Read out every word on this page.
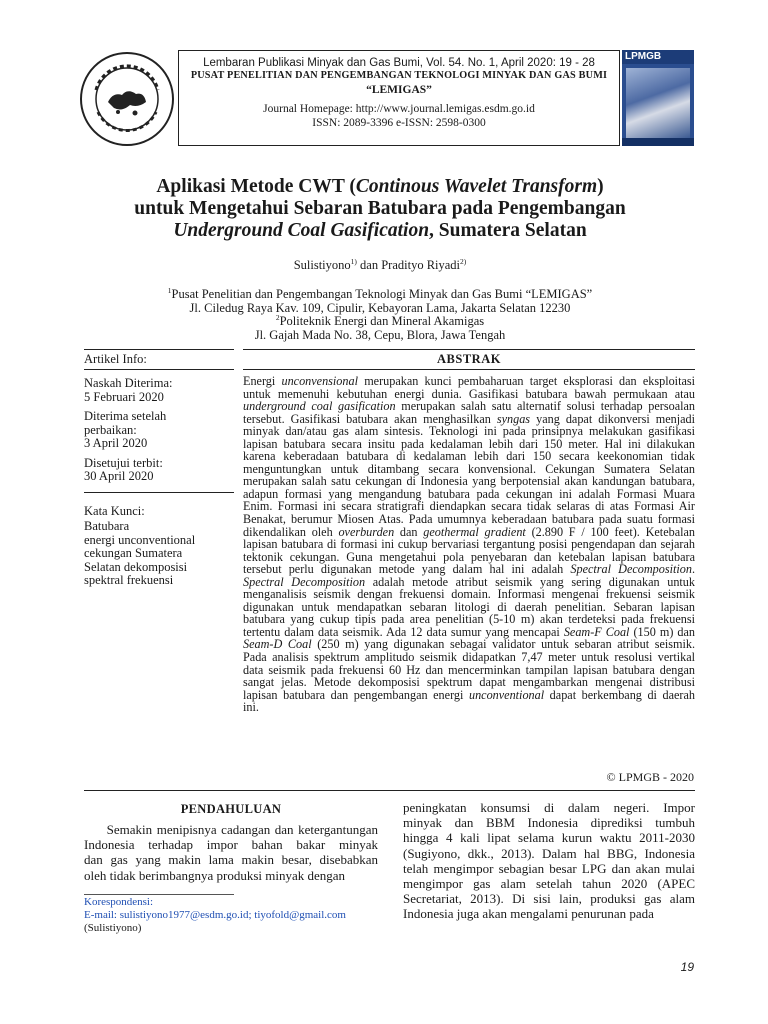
Lembaran Publikasi Minyak dan Gas Bumi, Vol. 54. No. 1, April 2020: 19 - 28
PUSAT PENELITIAN DAN PENGEMBANGAN TEKNOLOGI MINYAK DAN GAS BUMI
“LEMIGAS”
Journal Homepage: http://www.journal.lemigas.esdm.go.id
ISSN: 2089-3396 e-ISSN: 2598-0300
LPMGB
Aplikasi Metode CWT (Continous Wavelet Transform)
untuk Mengetahui Sebaran Batubara pada Pengembangan
Underground Coal Gasification, Sumatera Selatan
Sulistiyono$^{1)}$ dan Pradityo Riyadi$^{2)}$
$^1$Pusat Penelitian dan Pengembangan Teknologi Minyak dan Gas Bumi “LEMIGAS”
Jl. Ciledug Raya Kav. 109, Cipulir, Kebayoran Lama, Jakarta Selatan 12230
$^2$Politeknik Energi dan Mineral Akamigas
Jl. Gajah Mada No. 38, Cepu, Blora, Jawa Tengah
Artikel Info:
Naskah Diterima:
5 Februari 2020
Diterima setelah
perbaikan:
3 April 2020
Disetujui terbit:
30 April 2020
Kata Kunci:
Batubara
energi unconventional
cekungan Sumatera
Selatan dekomposisi
spektral frekuensi
ABSTRAK
Energi unconvensional merupakan kunci pembaharuan target eksplorasi dan eksploitasi
untuk memenuhi kebutuhan energi dunia. Gasifikasi batubara bawah permukaan atau
underground coal gasification merupakan salah satu alternatif solusi terhadap persoalan
tersebut. Gasifikasi batubara akan menghasilkan syngas yang dapat dikonversi menjadi
minyak dan/atau gas alam sintesis. Teknologi ini pada prinsipnya melakukan gasifikasi
lapisan batubara secara insitu pada kedalaman lebih dari 150 meter. Hal ini dilakukan
karena keberadaan batubara di kedalaman lebih dari 150 secara keekonomian tidak
menguntungkan untuk ditambang secara konvensional. Cekungan Sumatera Selatan
merupakan salah satu cekungan di Indonesia yang berpotensial akan kandungan batubara,
adapun formasi yang mengandung batubara pada cekungan ini adalah Formasi Muara
Enim. Formasi ini secara stratigrafi diendapkan secara tidak selaras di atas Formasi Air
Benakat, berumur Miosen Atas. Pada umumnya keberadaan batubara pada suatu formasi
dikendalikan oleh overburden dan geothermal gradient (2.890 F / 100 feet). Ketebalan
lapisan batubara di formasi ini cukup bervariasi tergantung posisi pengendapan dan sejarah
tektonik cekungan. Guna mengetahui pola penyebaran dan ketebalan lapisan batubara
tersebut perlu digunakan metode yang dalam hal ini adalah Spectral Decomposition.
Spectral Decomposition adalah metode atribut seismik yang sering digunakan untuk
menganalisis seismik dengan frekuensi domain. Informasi mengenai frekuensi seismik
digunakan untuk mendapatkan sebaran litologi di daerah penelitian. Sebaran lapisan
batubara yang cukup tipis pada area penelitian (5-10 m) akan terdeteksi pada frekuensi
tertentu dalam data seismik. Ada 12 data sumur yang mencapai Seam-F Coal (150 m) dan
Seam-D Coal (250 m) yang digunakan sebagai validator untuk sebaran atribut seismik.
Pada analisis spektrum amplitudo seismik didapatkan 7,47 meter untuk resolusi vertikal
data seismik pada frekuensi 60 Hz dan mencerminkan tampilan lapisan batubara dengan
sangat jelas. Metode dekomposisi spektrum dapat mengambarkan mengenai distribusi
lapisan batubara dan pengembangan energi unconventional dapat berkembang di daerah
ini.
© LPMGB - 2020
PENDAHULUAN
Semakin menipisnya cadangan dan ketergantungan
Indonesia terhadap impor bahan bakar minyak
dan gas yang makin lama makin besar, disebabkan
oleh tidak berimbangnya produksi minyak dengan
peningkatan konsumsi di dalam negeri. Impor
minyak dan BBM Indonesia diprediksi tumbuh
hingga 4 kali lipat selama kurun waktu 2011-2030
(Sugiyono, dkk., 2013). Dalam hal BBG, Indonesia
telah mengimpor sebagian besar LPG dan akan mulai
mengimpor gas alam setelah tahun 2020 (APEC
Secretariat, 2013). Di sisi lain, produksi gas alam
Indonesia juga akan mengalami penurunan pada
Korespondensi:
E-mail: sulistiyono1977@esdm.go.id; tiyofold@gmail.com
(Sulistiyono)
19
